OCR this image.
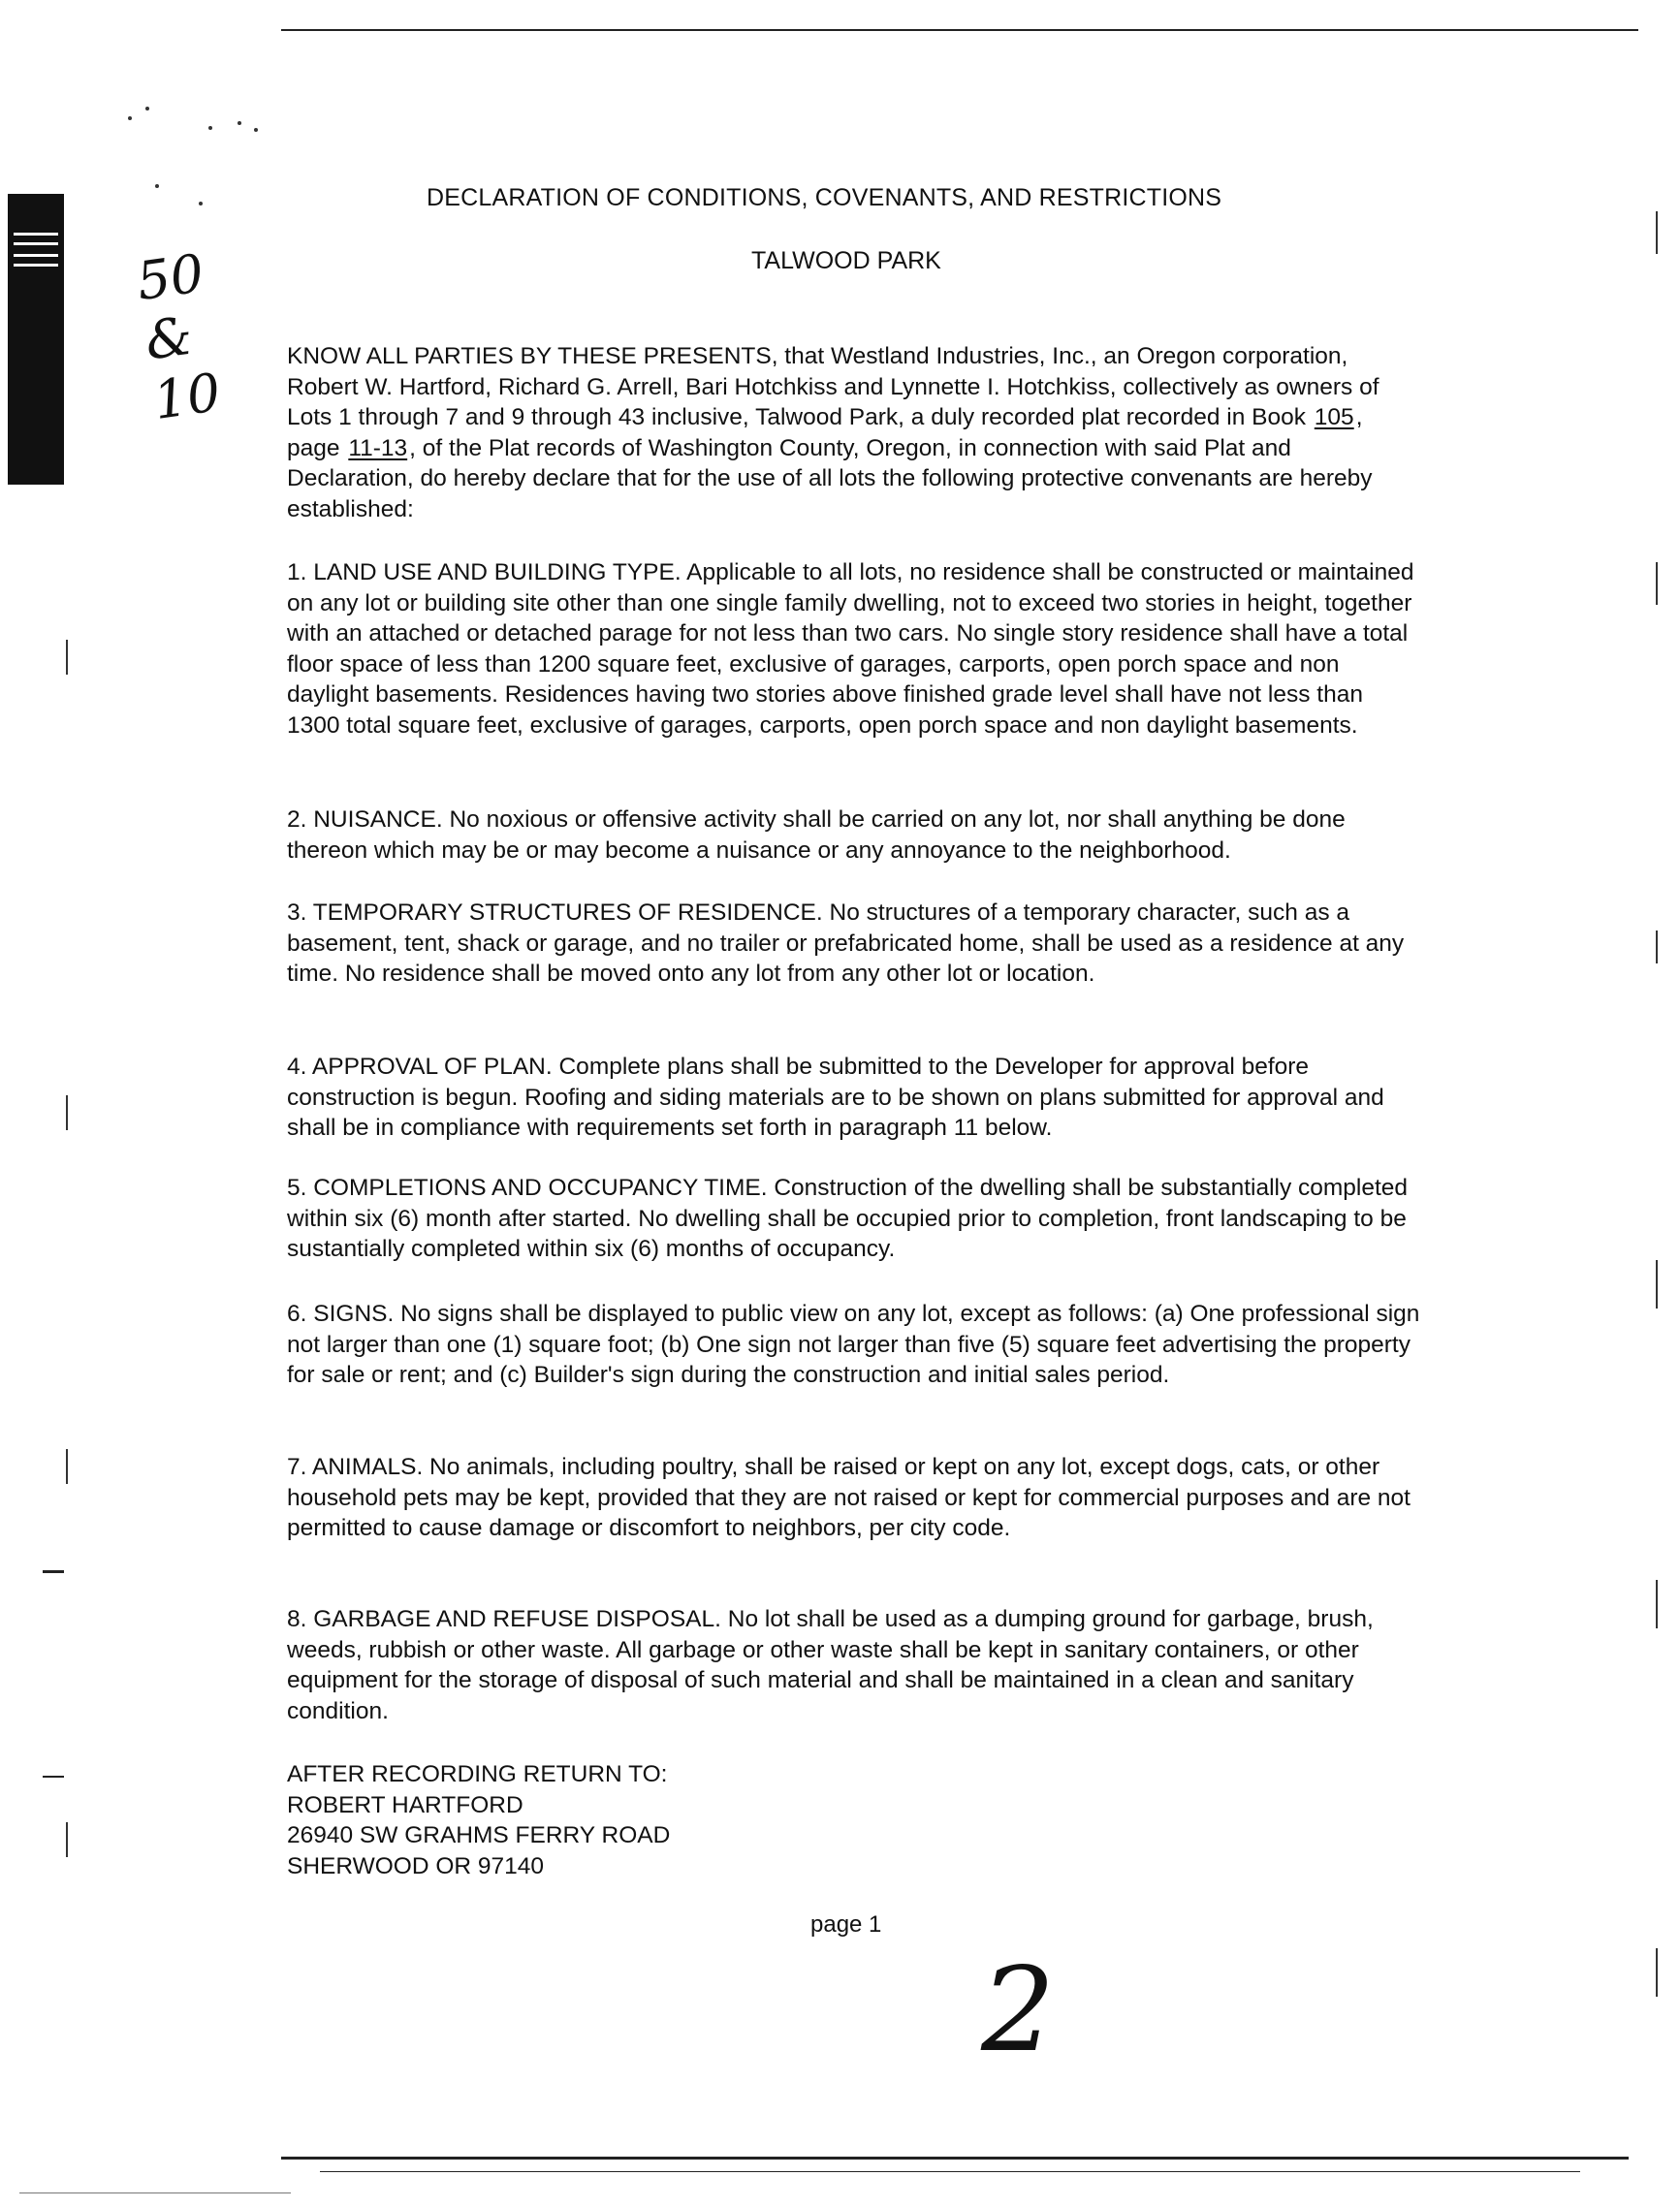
50 & 10
2
DECLARATION OF CONDITIONS, COVENANTS, AND RESTRICTIONS
TALWOOD PARK
KNOW ALL PARTIES BY THESE PRESENTS, that Westland Industries, Inc., an Oregon corporation, Robert W. Hartford, Richard G. Arrell, Bari Hotchkiss and Lynnette I. Hotchkiss, collectively as owners of Lots 1 through 7 and 9 through 43 inclusive, Talwood Park, a duly recorded plat recorded in Book 105, page 11-13, of the Plat records of Washington County, Oregon, in connection with said Plat and Declaration, do hereby declare that for the use of all lots the following protective convenants are hereby established:
1. LAND USE AND BUILDING TYPE. Applicable to all lots, no residence shall be constructed or maintained on any lot or building site other than one single family dwelling, not to exceed two stories in height, together with an attached or detached parage for not less than two cars. No single story residence shall have a total floor space of less than 1200 square feet, exclusive of garages, carports, open porch space and non daylight basements. Residences having two stories above finished grade level shall have not less than 1300 total square feet, exclusive of garages, carports, open porch space and non daylight basements.
2. NUISANCE. No noxious or offensive activity shall be carried on any lot, nor shall anything be done thereon which may be or may become a nuisance or any annoyance to the neighborhood.
3. TEMPORARY STRUCTURES OF RESIDENCE. No structures of a temporary character, such as a basement, tent, shack or garage, and no trailer or prefabricated home, shall be used as a residence at any time. No residence shall be moved onto any lot from any other lot or location.
4. APPROVAL OF PLAN. Complete plans shall be submitted to the Developer for approval before construction is begun. Roofing and siding materials are to be shown on plans submitted for approval and shall be in compliance with requirements set forth in paragraph 11 below.
5. COMPLETIONS AND OCCUPANCY TIME. Construction of the dwelling shall be substantially completed within six (6) month after started. No dwelling shall be occupied prior to completion, front landscaping to be sustantially completed within six (6) months of occupancy.
6. SIGNS. No signs shall be displayed to public view on any lot, except as follows: (a) One professional sign not larger than one (1) square foot; (b) One sign not larger than five (5) square feet advertising the property for sale or rent; and (c) Builder's sign during the construction and initial sales period.
7. ANIMALS. No animals, including poultry, shall be raised or kept on any lot, except dogs, cats, or other household pets may be kept, provided that they are not raised or kept for commercial purposes and are not permitted to cause damage or discomfort to neighbors, per city code.
8. GARBAGE AND REFUSE DISPOSAL. No lot shall be used as a dumping ground for garbage, brush, weeds, rubbish or other waste. All garbage or other waste shall be kept in sanitary containers, or other equipment for the storage of disposal of such material and shall be maintained in a clean and sanitary condition.
AFTER RECORDING RETURN TO:
ROBERT HARTFORD
26940 SW GRAHMS FERRY ROAD
SHERWOOD OR 97140
page 1
